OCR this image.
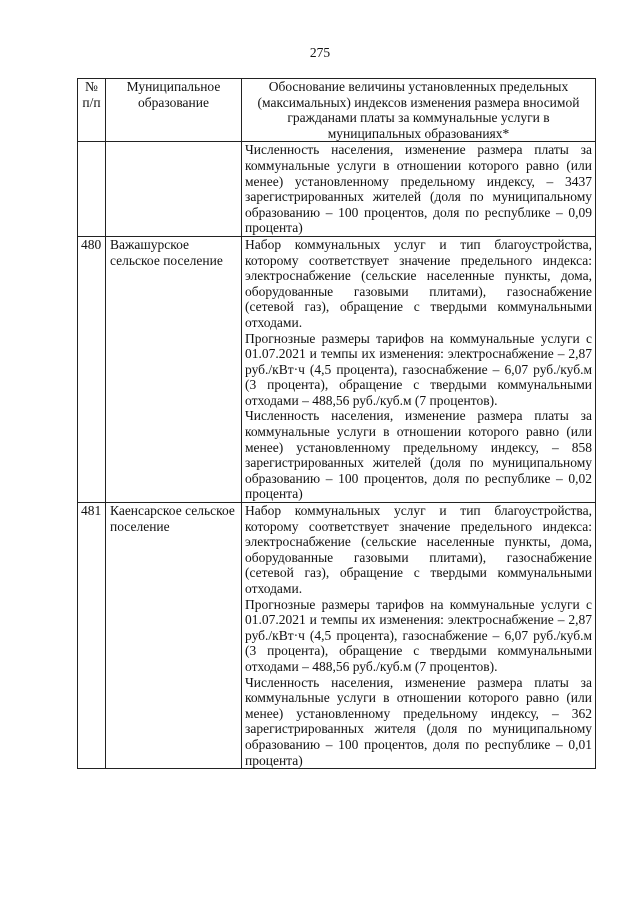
275
№ п/п	Муниципальное образование	Обоснование величины установленных предельных (максимальных) индексов изменения размера вносимой гражданами платы за коммунальные услуги в муниципальных образованиях*

		Численность населения, изменение размера платы за коммунальные услуги в отношении которого равно (или менее) установленному предельному индексу, – 3437 зарегистрированных жителей (доля по муниципальному образованию – 100 процентов, доля по республике – 0,09 процента)

480	Важашурское сельское поселение	Набор коммунальных услуг и тип благоустройства, которому соответствует значение предельного индекса: электроснабжение (сельские населенные пункты, дома, оборудованные газовыми плитами), газоснабжение (сетевой газ), обращение с твердыми коммунальными отходами.

Прогнозные размеры тарифов на коммунальные услуги с 01.07.2021 и темпы их изменения: электроснабжение – 2,87 руб./кВт·ч (4,5 процента), газоснабжение – 6,07 руб./куб.м (3 процента), обращение с твердыми коммунальными отходами – 488,56 руб./куб.м (7 процентов).

Численность населения, изменение размера платы за коммунальные услуги в отношении которого равно (или менее) установленному предельному индексу, – 858 зарегистрированных жителей (доля по муниципальному образованию – 100 процентов, доля по республике – 0,02 процента)

481	Каенсарское сельское поселение	Набор коммунальных услуг и тип благоустройства, которому соответствует значение предельного индекса: электроснабжение (сельские населенные пункты, дома, оборудованные газовыми плитами), газоснабжение (сетевой газ), обращение с твердыми коммунальными отходами.

Прогнозные размеры тарифов на коммунальные услуги с 01.07.2021 и темпы их изменения: электроснабжение – 2,87 руб./кВт·ч (4,5 процента), газоснабжение – 6,07 руб./куб.м (3 процента), обращение с твердыми коммунальными отходами – 488,56 руб./куб.м (7 процентов).

Численность населения, изменение размера платы за коммунальные услуги в отношении которого равно (или менее) установленному предельному индексу, – 362 зарегистрированных жителя (доля по муниципальному образованию – 100 процентов, доля по республике – 0,01 процента)
